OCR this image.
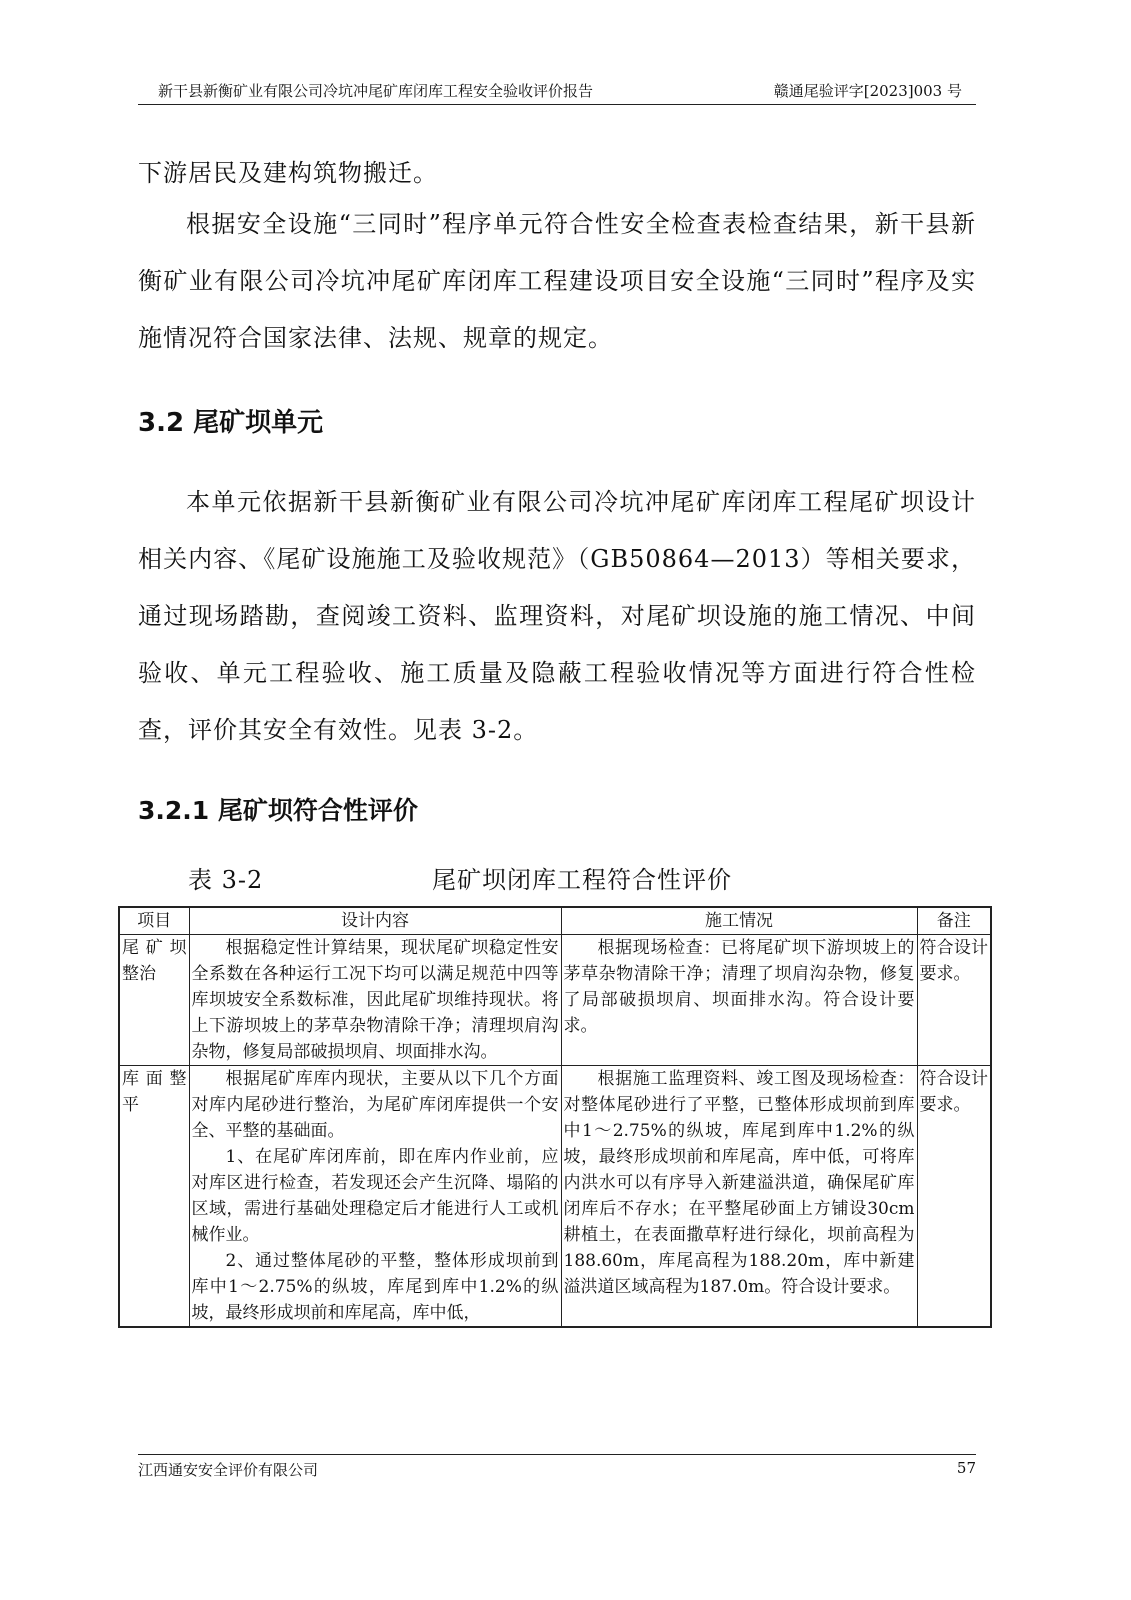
新干县新衡矿业有限公司冷坑冲尾矿库闭库工程安全验收评价报告	赣通尾验评字[2023]003 号

下游居民及建构筑物搬迁。

根据安全设施“三同时”程序单元符合性安全检查表检查结果，新干县新衡矿业有限公司冷坑冲尾矿库闭库工程建设项目安全设施“三同时”程序及实施情况符合国家法律、法规、规章的规定。

3.2 尾矿坝单元

本单元依据新干县新衡矿业有限公司冷坑冲尾矿库闭库工程尾矿坝设计相关内容、《尾矿设施施工及验收规范》（GB50864—2013）等相关要求，通过现场踏勘，查阅竣工资料、监理资料，对尾矿坝设施的施工情况、中间验收、单元工程验收、施工质量及隐蔽工程验收情况等方面进行符合性检查，评价其安全有效性。见表 3-2。

3.2.1 尾矿坝符合性评价
表 3-2	尾矿坝闭库工程符合性评价
项目	设计内容	施工情况	备注
尾矿坝整治	根据稳定性计算结果，现状尾矿坝稳定性安全系数在各种运行工况下均可以满足规范中四等库坝坡安全系数标准，因此尾矿坝维持现状。将上下游坝坡上的茅草杂物清除干净；清理坝肩沟杂物，修复局部破损坝肩、坝面排水沟。	根据现场检查：已将尾矿坝下游坝坡上的茅草杂物清除干净；清理了坝肩沟杂物，修复了局部破损坝肩、坝面排水沟。符合设计要求。	符合设计要求。
库面整平	根据尾矿库库内现状，主要从以下几个方面对库内尾砂进行整治，为尾矿库闭库提供一个安全、平整的基础面。
1、在尾矿库闭库前，即在库内作业前，应对库区进行检查，若发现还会产生沉降、塌陷的区域，需进行基础处理稳定后才能进行人工或机械作业。
2、通过整体尾砂的平整，整体形成坝前到库中1～2.75%的纵坡，库尾到库中1.2%的纵坡，最终形成坝前和库尾高，库中低，	根据施工监理资料、竣工图及现场检查：对整体尾砂进行了平整，已整体形成坝前到库中1～2.75%的纵坡，库尾到库中1.2%的纵坡，最终形成坝前和库尾高，库中低，可将库内洪水可以有序导入新建溢洪道，确保尾矿库闭库后不存水；在平整尾砂面上方铺设30cm 耕植土，在表面撒草籽进行绿化，坝前高程为188.60m，库尾高程为188.20m，库中新建溢洪道区域高程为187.0m。符合设计要求。	符合设计要求。
江西通安安全评价有限公司	57
